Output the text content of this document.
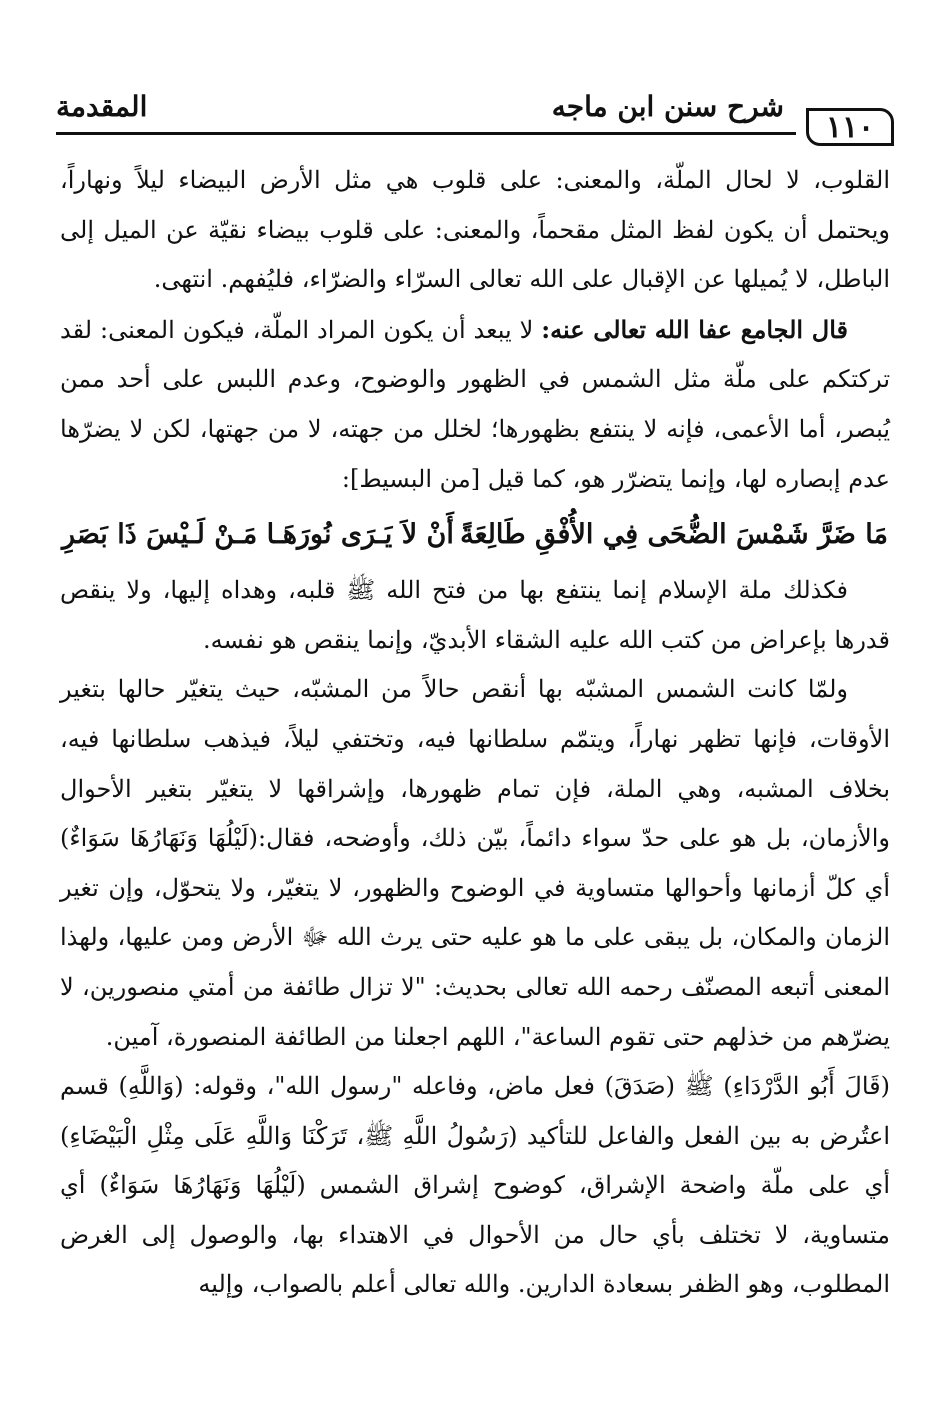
١١٠
شرح سنن ابن ماجه
المقدمة

القلوب، لا لحال الملّة، والمعنى: على قلوب هي مثل الأرض البيضاء ليلاً ونهاراً، ويحتمل أن يكون لفظ المثل مقحماً، والمعنى: على قلوب بيضاء نقيّة عن الميل إلى الباطل، لا يُميلها عن الإقبال على الله تعالى السرّاء والضرّاء، فليُفهم. انتهى.

قال الجامع عفا الله تعالى عنه: لا يبعد أن يكون المراد الملّة، فيكون المعنى: لقد تركتكم على ملّة مثل الشمس في الظهور والوضوح، وعدم اللبس على أحد ممن يُبصر، أما الأعمى، فإنه لا ينتفع بظهورها؛ لخلل من جهته، لا من جهتها، لكن لا يضرّها عدم إبصاره لها، وإنما يتضرّر هو، كما قيل [من البسيط]:

مَا ضَرَّ شَمْسَ الضُّحَى فِي الأُفْقِ طَالِعَةً
أَنْ لاَ يَـرَى نُورَهَـا مَـنْ لَـيْسَ ذَا بَصَرِ

فكذلك ملة الإسلام إنما ينتفع بها من فتح الله ﷺ قلبه، وهداه إليها، ولا ينقص قدرها بإعراض من كتب الله عليه الشقاء الأبديّ، وإنما ينقص هو نفسه.

ولمّا كانت الشمس المشبّه بها أنقص حالاً من المشبّه، حيث يتغيّر حالها بتغير الأوقات، فإنها تظهر نهاراً، ويتمّم سلطانها فيه، وتختفي ليلاً، فيذهب سلطانها فيه، بخلاف المشبه، وهي الملة، فإن تمام ظهورها، وإشراقها لا يتغيّر بتغير الأحوال والأزمان، بل هو على حدّ سواء دائماً، بيّن ذلك، وأوضحه، فقال:(لَيْلُهَا وَنَهَارُهَا سَوَاءٌ) أي كلّ أزمانها وأحوالها متساوية في الوضوح والظهور، لا يتغيّر، ولا يتحوّل، وإن تغير الزمان والمكان، بل يبقى على ما هو عليه حتى يرث الله ﷻ الأرض ومن عليها، ولهذا المعنى أتبعه المصنّف رحمه الله تعالى بحديث: "لا تزال طائفة من أمتي منصورين، لا يضرّهم من خذلهم حتى تقوم الساعة"، اللهم اجعلنا من الطائفة المنصورة، آمين.

(قَالَ أَبُو الدَّرْدَاءِ) ﷺ (صَدَقَ) فعل ماض، وفاعله "رسول الله"، وقوله: (وَاللَّهِ) قسم اعتُرض به بين الفعل والفاعل للتأكيد (رَسُولُ اللَّهِ ﷺ، تَرَكْنَا وَاللَّهِ عَلَى مِثْلِ الْبَيْضَاءِ) أي على ملّة واضحة الإشراق، كوضوح إشراق الشمس (لَيْلُهَا وَنَهَارُهَا سَوَاءٌ) أي متساوية، لا تختلف بأي حال من الأحوال في الاهتداء بها، والوصول إلى الغرض المطلوب، وهو الظفر بسعادة الدارين. والله تعالى أعلم بالصواب، وإليه
